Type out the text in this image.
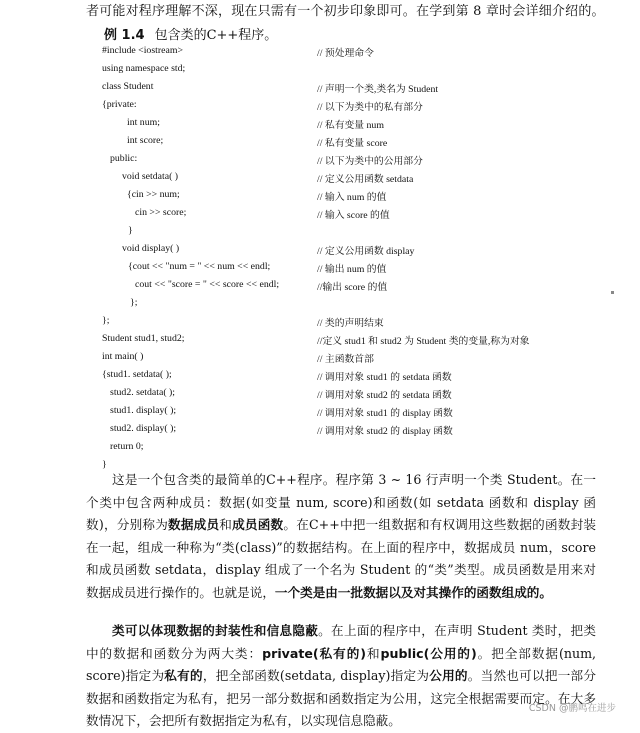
者可能对程序理解不深，现在只需有一个初步印象即可。在学到第 8 章时会详细介绍的。
例 1.4 包含类的C++程序。
#include <iostream>	// 预处理命令
using namespace std;
class Student	// 声明一个类,类名为 Student
{private:	// 以下为类中的私有部分
int num;	// 私有变量 num
int score;	// 私有变量 score
public:	// 以下为类中的公用部分
void setdata( )	// 定义公用函数 setdata
{cin >> num;	// 输入 num 的值
cin >> score;	// 输入 score 的值
}
void display( )	// 定义公用函数 display
{cout << "num = " << num << endl;	// 输出 num 的值
cout << "score = " << score << endl;	//输出 score 的值
};
};	// 类的声明结束
Student stud1, stud2;	//定义 stud1 和 stud2 为 Student 类的变量,称为对象
int main( )	// 主函数首部
{stud1. setdata( );	// 调用对象 stud1 的 setdata 函数
stud2. setdata( );	// 调用对象 stud2 的 setdata 函数
stud1. display( );	// 调用对象 stud1 的 display 函数
stud2. display( );	// 调用对象 stud2 的 display 函数
return 0;
}
这是一个包含类的最简单的C++程序。程序第 3 ~ 16 行声明一个类 Student。在一个类中包含两种成员：数据(如变量 num, score)和函数(如 setdata 函数和 display 函数)，分别称为数据成员和成员函数。在C++中把一组数据和有权调用这些数据的函数封装在一起，组成一种称为“类(class)”的数据结构。在上面的程序中，数据成员 num，score 和成员函数 setdata，display 组成了一个名为 Student 的“类”类型。成员函数是用来对数据成员进行操作的。也就是说，一个类是由一批数据以及对其操作的函数组成的。
类可以体现数据的封装性和信息隐蔽。在上面的程序中，在声明 Student 类时，把类中的数据和函数分为两大类：private(私有的)和public(公用的)。把全部数据(num, score)指定为私有的，把全部函数(setdata, display)指定为公用的。当然也可以把一部分数据和函数指定为私有，把另一部分数据和函数指定为公用，这完全根据需要而定。在大多数情况下，会把所有数据指定为私有，以实现信息隐蔽。
CSDN @鹏鸣在进步
